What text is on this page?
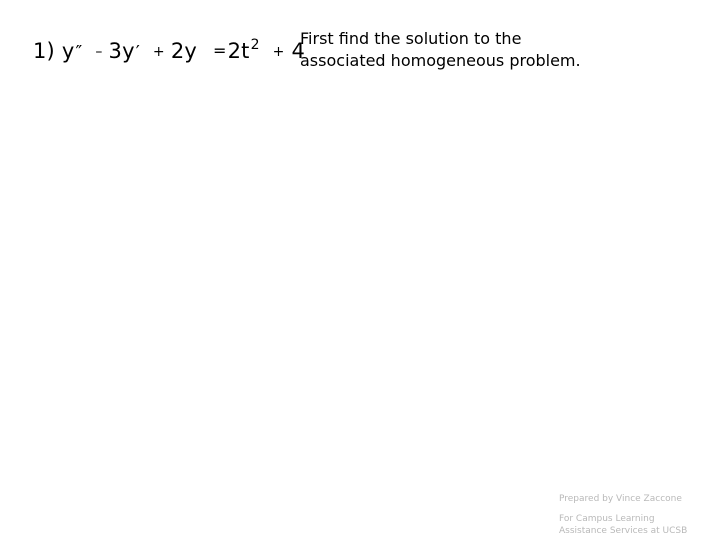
1) $y'' - 3y' + 2y =2t^2 + 4$
First find the solution to the
associated homogeneous problem.
Prepared by Vince Zaccone
For Campus Learning
Assistance Services at UCSB
